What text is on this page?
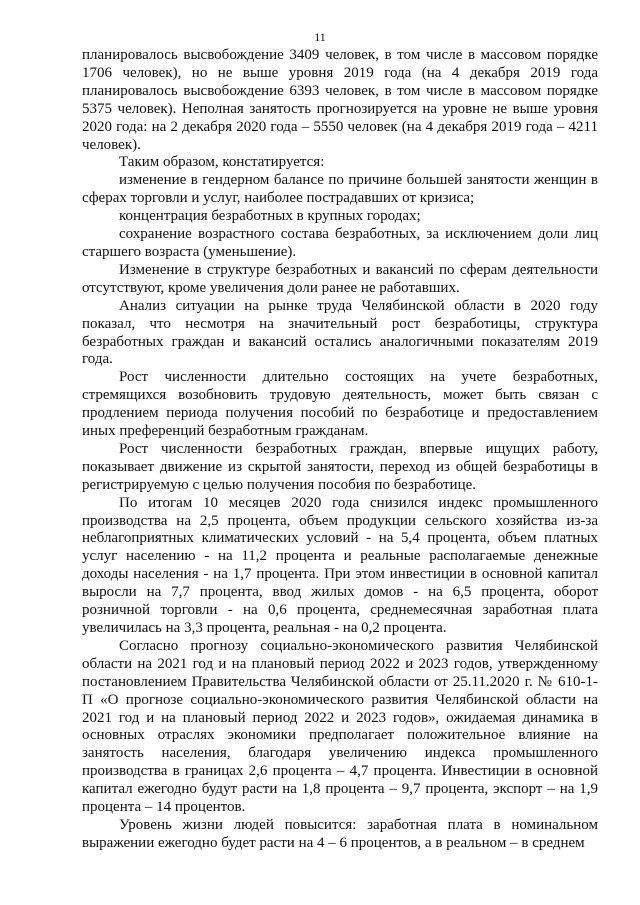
11

планировалось высвобождение 3409 человек, в том числе в массовом порядке 1706 человек), но не выше уровня 2019 года (на 4 декабря 2019 года планировалось высвобождение 6393 человек, в том числе в массовом порядке 5375 человек). Неполная занятость прогнозируется на уровне не выше уровня 2020 года: на 2 декабря 2020 года – 5550 человек (на 4 декабря 2019 года – 4211 человек).

Таким образом, констатируется:

изменение в гендерном балансе по причине большей занятости женщин в сферах торговли и услуг, наиболее пострадавших от кризиса;

концентрация безработных в крупных городах;

сохранение возрастного состава безработных, за исключением доли лиц старшего возраста (уменьшение).

Изменение в структуре безработных и вакансий по сферам деятельности отсутствуют, кроме увеличения доли ранее не работавших.

Анализ ситуации на рынке труда Челябинской области в 2020 году показал, что несмотря на значительный рост безработицы, структура безработных граждан и вакансий остались аналогичными показателям 2019 года.

Рост численности длительно состоящих на учете безработных, стремящихся возобновить трудовую деятельность, может быть связан с продлением периода получения пособий по безработице и предоставлением иных преференций безработным гражданам.

Рост численности безработных граждан, впервые ищущих работу, показывает движение из скрытой занятости, переход из общей безработицы в регистрируемую с целью получения пособия по безработице.

По итогам 10 месяцев 2020 года снизился индекс промышленного производства на 2,5 процента, объем продукции сельского хозяйства из-за неблагоприятных климатических условий - на 5,4 процента, объем платных услуг населению - на 11,2 процента и реальные располагаемые денежные доходы населения - на 1,7 процента. При этом инвестиции в основной капитал выросли на 7,7 процента, ввод жилых домов - на 6,5 процента, оборот розничной торговли - на 0,6 процента, среднемесячная заработная плата увеличилась на 3,3 процента, реальная - на 0,2 процента.

Согласно прогнозу социально-экономического развития Челябинской области на 2021 год и на плановый период 2022 и 2023 годов, утвержденному постановлением Правительства Челябинской области от 25.11.2020 г. № 610-1-П «О прогнозе социально-экономического развития Челябинской области на 2021 год и на плановый период 2022 и 2023 годов», ожидаемая динамика в основных отраслях экономики предполагает положительное влияние на занятость населения, благодаря увеличению индекса промышленного производства в границах 2,6 процента – 4,7 процента. Инвестиции в основной капитал ежегодно будут расти на 1,8 процента – 9,7 процента, экспорт – на 1,9 процента – 14 процентов.

Уровень жизни людей повысится: заработная плата в номинальном выражении ежегодно будет расти на 4 – 6 процентов, а в реальном – в среднем
